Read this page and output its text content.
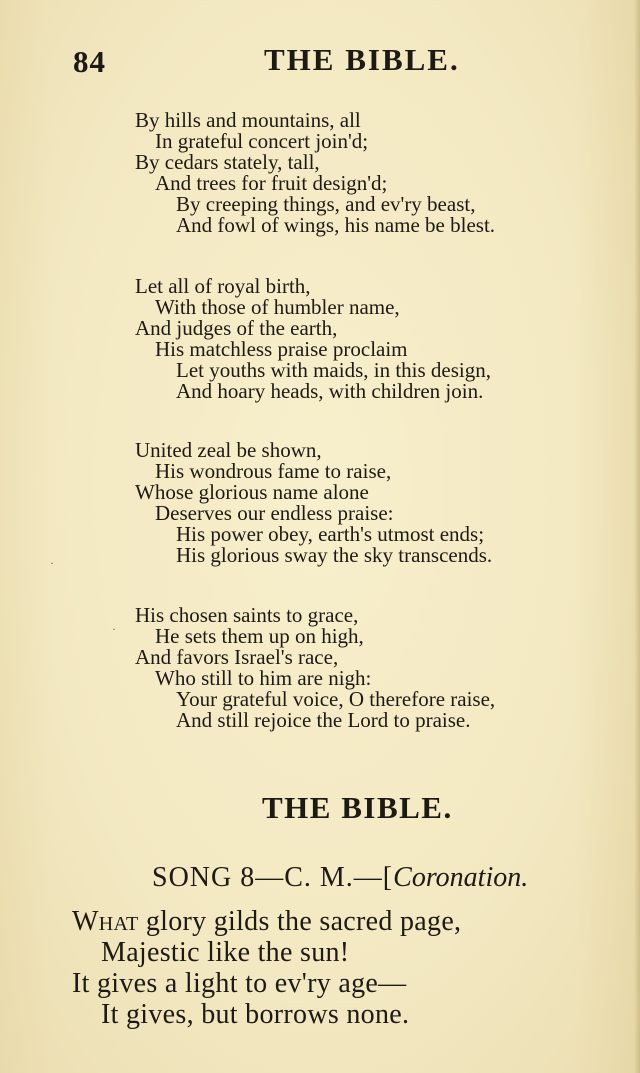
84	THE BIBLE.
By hills and mountains, all
In grateful concert join'd;
By cedars stately, tall,
And trees for fruit design'd;
By creeping things, and ev'ry beast,
And fowl of wings, his name be blest.
Let all of royal birth,
With those of humbler name,
And judges of the earth,
His matchless praise proclaim
Let youths with maids, in this design,
And hoary heads, with children join.
United zeal be shown,
His wondrous fame to raise,
Whose glorious name alone
Deserves our endless praise:
His power obey, earth's utmost ends;
His glorious sway the sky transcends.
His chosen saints to grace,
He sets them up on high,
And favors Israel's race,
Who still to him are nigh:
Your grateful voice, O therefore raise,
And still rejoice the Lord to praise.
THE BIBLE.
SONG 8—C. M.—[Coronation.
What glory gilds the sacred page,
Majestic like the sun!
It gives a light to ev'ry age—
It gives, but borrows none.
·
·
